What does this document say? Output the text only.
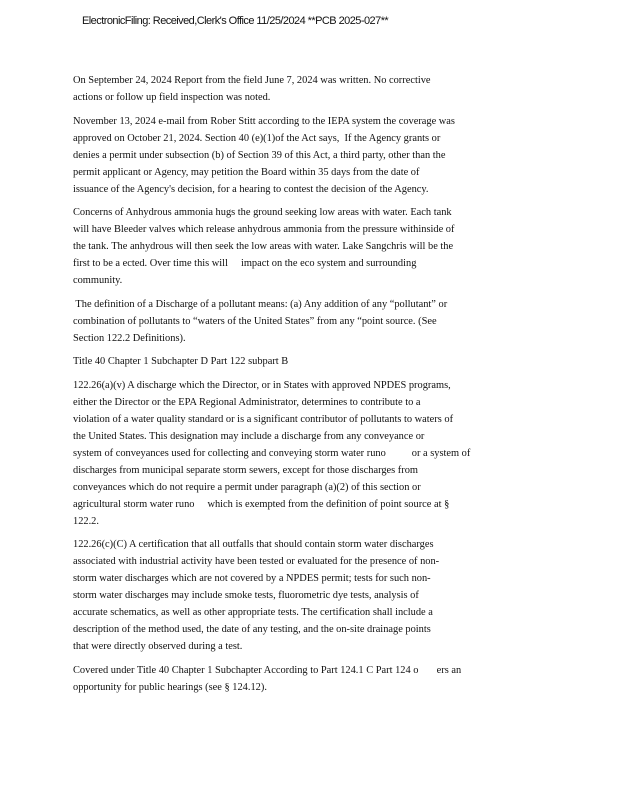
ElectronicFiling: Received,Clerk's Office 11/25/2024 **PCB 2025-027**

On September 24, 2024 Report from the field June 7, 2024 was written. No corrective
actions or follow up field inspection was noted.

November 13, 2024 e-mail from Rober Stitt according to the IEPA system the coverage was
approved on October 21, 2024. Section 40 (e)(1)of the Act says,  If the Agency grants or
denies a permit under subsection (b) of Section 39 of this Act, a third party, other than the
permit applicant or Agency, may petition the Board within 35 days from the date of
issuance of the Agency's decision, for a hearing to contest the decision of the Agency.

Concerns of Anhydrous ammonia hugs the ground seeking low areas with water. Each tank
will have Bleeder valves which release anhydrous ammonia from the pressure withinside of
the tank. The anhydrous will then seek the low areas with water. Lake Sangchris will be the
first to be a ected. Over time this will     impact on the eco system and surrounding
community.

The definition of a Discharge of a pollutant means: (a) Any addition of any “pollutant” or
combination of pollutants to “waters of the United States” from any “point source. (See
Section 122.2 Definitions).

Title 40 Chapter 1 Subchapter D Part 122 subpart B

122.26(a)(v) A discharge which the Director, or in States with approved NPDES programs,
either the Director or the EPA Regional Administrator, determines to contribute to a
violation of a water quality standard or is a significant contributor of pollutants to waters of
the United States. This designation may include a discharge from any conveyance or
system of conveyances used for collecting and conveying storm water runo          or a system of
discharges from municipal separate storm sewers, except for those discharges from
conveyances which do not require a permit under paragraph (a)(2) of this section or
agricultural storm water runo     which is exempted from the definition of point source at §
122.2.

122.26(c)(C) A certification that all outfalls that should contain storm water discharges
associated with industrial activity have been tested or evaluated for the presence of non-
storm water discharges which are not covered by a NPDES permit; tests for such non-
storm water discharges may include smoke tests, fluorometric dye tests, analysis of
accurate schematics, as well as other appropriate tests. The certification shall include a
description of the method used, the date of any testing, and the on-site drainage points
that were directly observed during a test.

Covered under Title 40 Chapter 1 Subchapter According to Part 124.1 C Part 124 o       ers an
opportunity for public hearings (see § 124.12).
